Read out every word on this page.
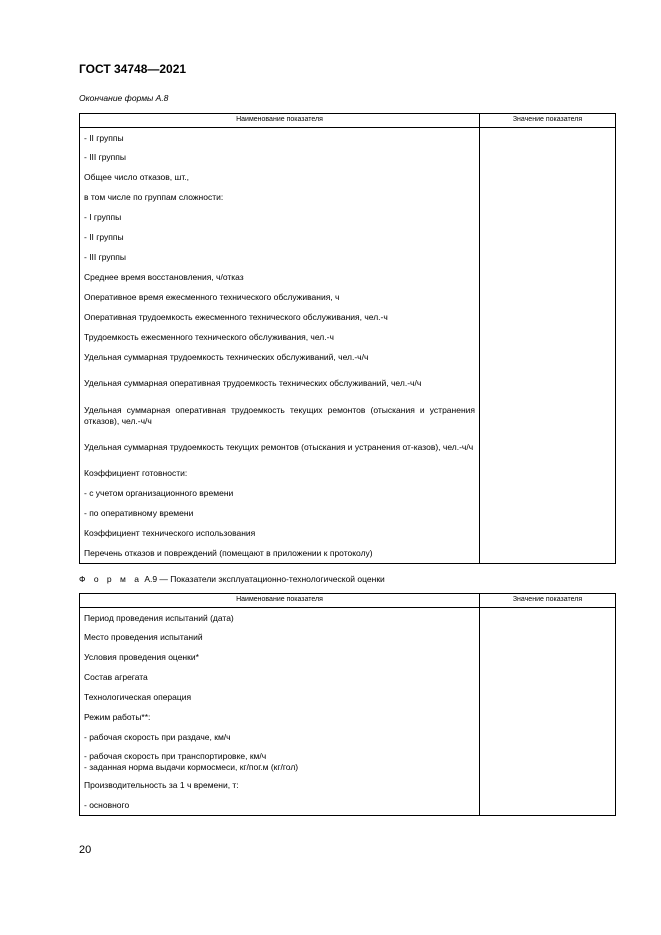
ГОСТ 34748—2021
Окончание формы А.8
Наименование показателя	Значение показателя
- II группы	
- III группы	
Общее число отказов, шт.,	
в том числе по группам сложности:	
- I группы	
- II группы	
- III группы	
Среднее время восстановления, ч/отказ	
Оперативное время ежесменного технического обслуживания, ч	
Оперативная трудоемкость ежесменного технического обслуживания, чел.-ч	
Трудоемкость ежесменного технического обслуживания, чел.-ч	
Удельная суммарная трудоемкость технических обслуживаний, чел.-ч/ч	
Удельная суммарная оперативная трудоемкость технических обслуживаний, чел.-ч/ч	
Удельная суммарная оперативная трудоемкость текущих ремонтов (отыскания и устранения отказов), чел.-ч/ч	
Удельная суммарная трудоемкость текущих ремонтов (отыскания и устранения от-казов), чел.-ч/ч	
Коэффициент готовности:	
- с учетом организационного времени	
- по оперативному времени	
Коэффициент технического использования	
Перечень отказов и повреждений (помещают в приложении к протоколу)	
Ф о р м а А.9 — Показатели эксплуатационно-технологической оценки
Наименование показателя	Значение показателя
Период проведения испытаний (дата)	
Место проведения испытаний	
Условия проведения оценки*	
Состав агрегата	
Технологическая операция	
Режим работы**:	
- рабочая скорость при раздаче, км/ч	
- рабочая скорость при транспортировке, км/ч
- заданная норма выдачи кормосмеси, кг/пог.м (кг/гол)	
Производительность за 1 ч времени, т:	
- основного	
20
